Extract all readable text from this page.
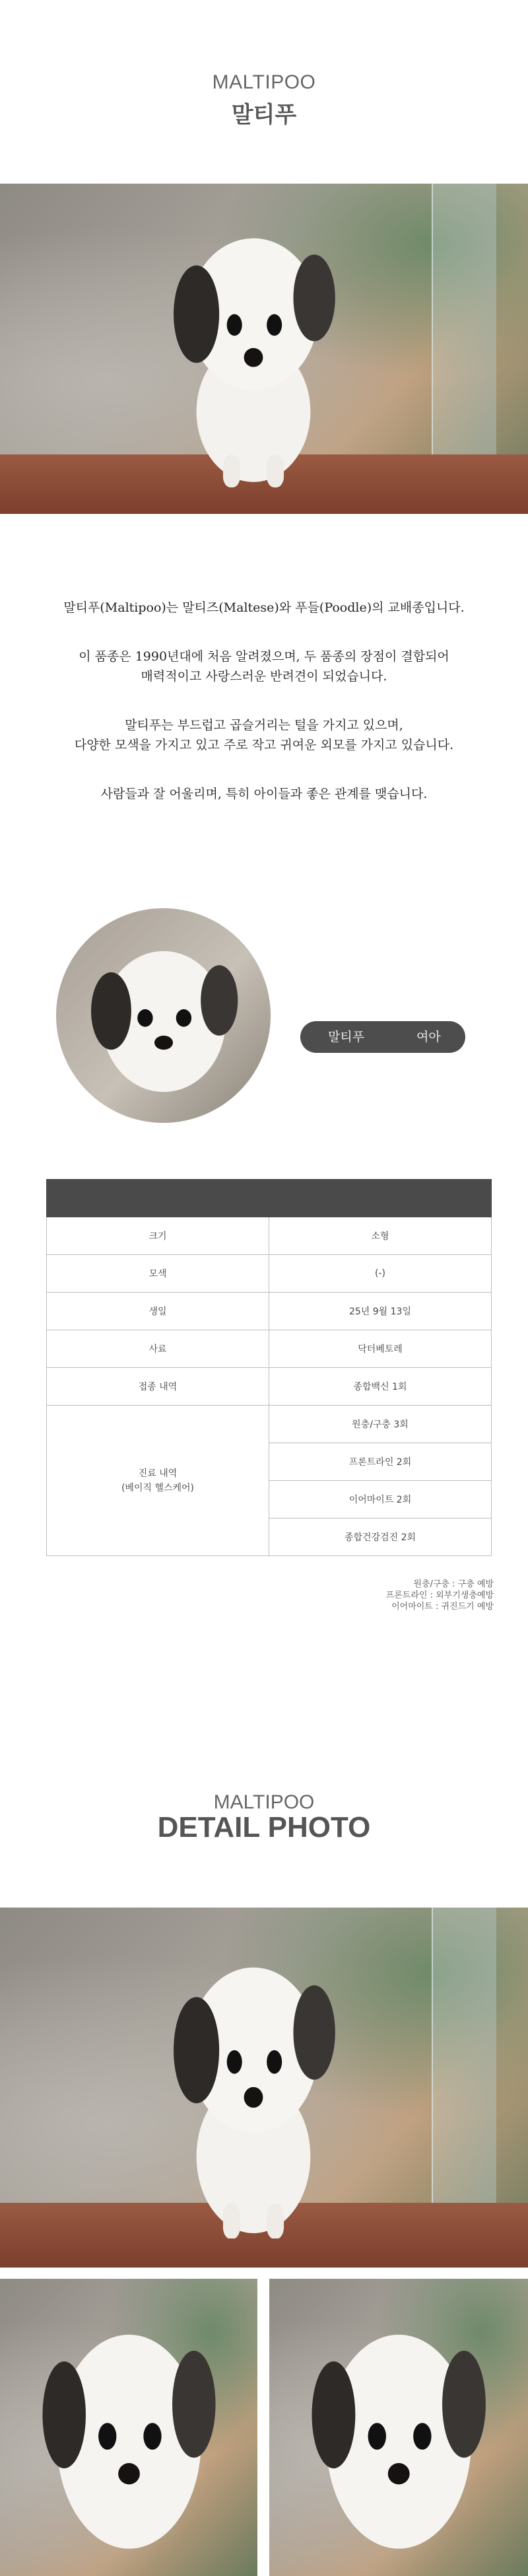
MALTIPOO
말티푸

말티푸(Maltipoo)는 말티즈(Maltese)와 푸들(Poodle)의 교배종입니다.

이 품종은 1990년대에 처음 알려졌으며, 두 품종의 장점이 결합되어

매력적이고 사랑스러운 반려견이 되었습니다.

말티푸는 부드럽고 곱슬거리는 털을 가지고 있으며,

다양한 모색을 가지고 있고 주로 작고 귀여운 외모를 가지고 있습니다.

사람들과 잘 어울리며, 특히 아이들과 좋은 관계를 맺습니다.

말티푸	여아

크기	소형
모색	(-)
생일	25년 9월 13일
사료	닥터베토레
접종 내역	종합백신 1회

진료 내역
(베이직 헬스케어)	원충/구충 3회
	프론트라인 2회
	이어마이트 2회
	종합건강검진 2회

원충/구충 : 구충 예방

프론트라인 : 외부기생충예방

이어마이트 : 귀진드기 예방

MALTIPOO
DETAIL PHOTO
